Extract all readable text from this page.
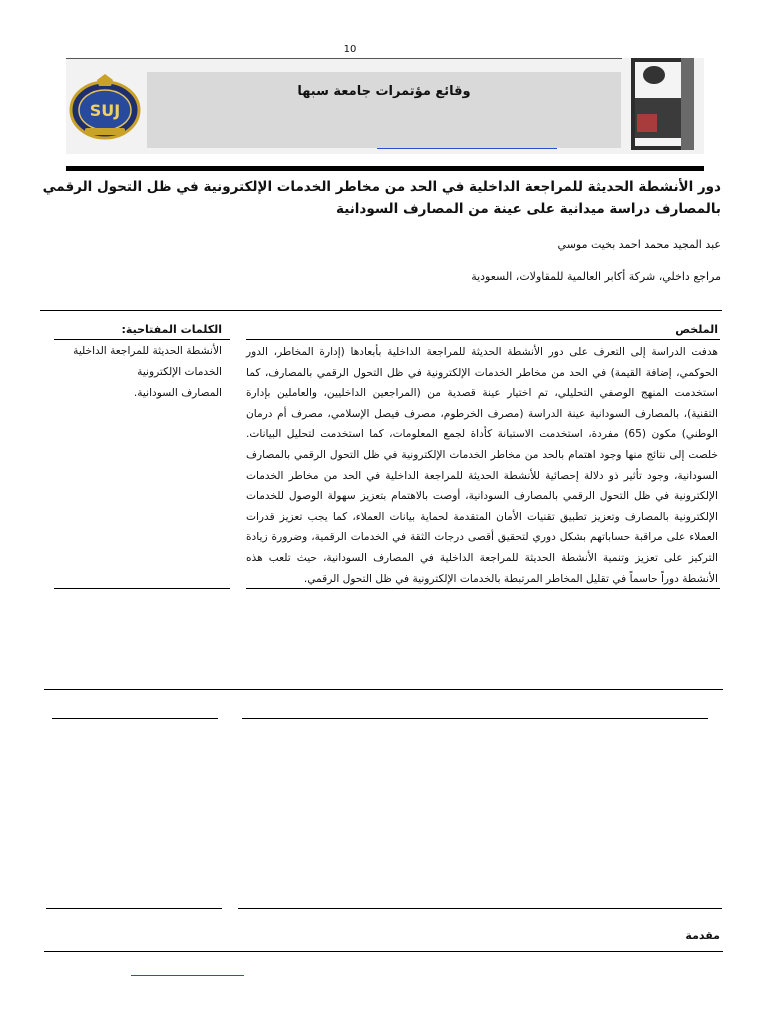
10
وقائع مؤتمرات جامعة سبها
SUJ
دور الأنشطة الحديثة للمراجعة الداخلية في الحد من مخاطر الخدمات الإلكترونية في ظل التحول الرقمي بالمصارف دراسة ميدانية على عينة من المصارف السودانية
عبد المجيد محمد احمد بخيت موسي
مراجع داخلي، شركة أكابر العالمية للمقاولات، السعودية
الملخص
هدفت الدراسة إلى التعرف على دور الأنشطة الحديثة للمراجعة الداخلية بأبعادها (إدارة المخاطر، الدور الحوكمي، إضافة القيمة) في الحد من مخاطر الخدمات الإلكترونية في ظل التحول الرقمي بالمصارف، كما استخدمت المنهج الوصفي التحليلي، تم اختيار عينة قصدية من (المراجعين الداخليين، والعاملين بإدارة التقنية)، بالمصارف السودانية عينة الدراسة (مصرف الخرطوم، مصرف فيصل الإسلامي، مصرف أم درمان الوطني) مكون (65) مفردة، استخدمت الاستبانة كأداة لجمع المعلومات، كما استخدمت لتحليل البيانات. خلصت إلى نتائج منها وجود اهتمام بالحد من مخاطر الخدمات الإلكترونية في ظل التحول الرقمي بالمصارف السودانية، وجود تأثير ذو دلالة إحصائية للأنشطة الحديثة للمراجعة الداخلية في الحد من مخاطر الخدمات الإلكترونية في ظل التحول الرقمي بالمصارف السودانية، أوصت بالاهتمام بتعزيز سهولة الوصول للخدمات الإلكترونية بالمصارف وتعزيز تطبيق تقنيات الأمان المتقدمة لحماية بيانات العملاء، كما يجب تعزيز قدرات العملاء على مراقبة حساباتهم بشكل دوري لتحقيق أقصى درجات الثقة في الخدمات الرقمية، وضرورة زيادة التركيز على تعزيز وتنمية الأنشطة الحديثة للمراجعة الداخلية في المصارف السودانية، حيث تلعب هذه الأنشطة دوراً حاسماً في تقليل المخاطر المرتبطة بالخدمات الإلكترونية في ظل التحول الرقمي.
الكلمات المفتاحية:
الأنشطة الحديثة للمراجعة الداخلية
الخدمات الإلكترونية
المصارف السودانية.
مقدمة
